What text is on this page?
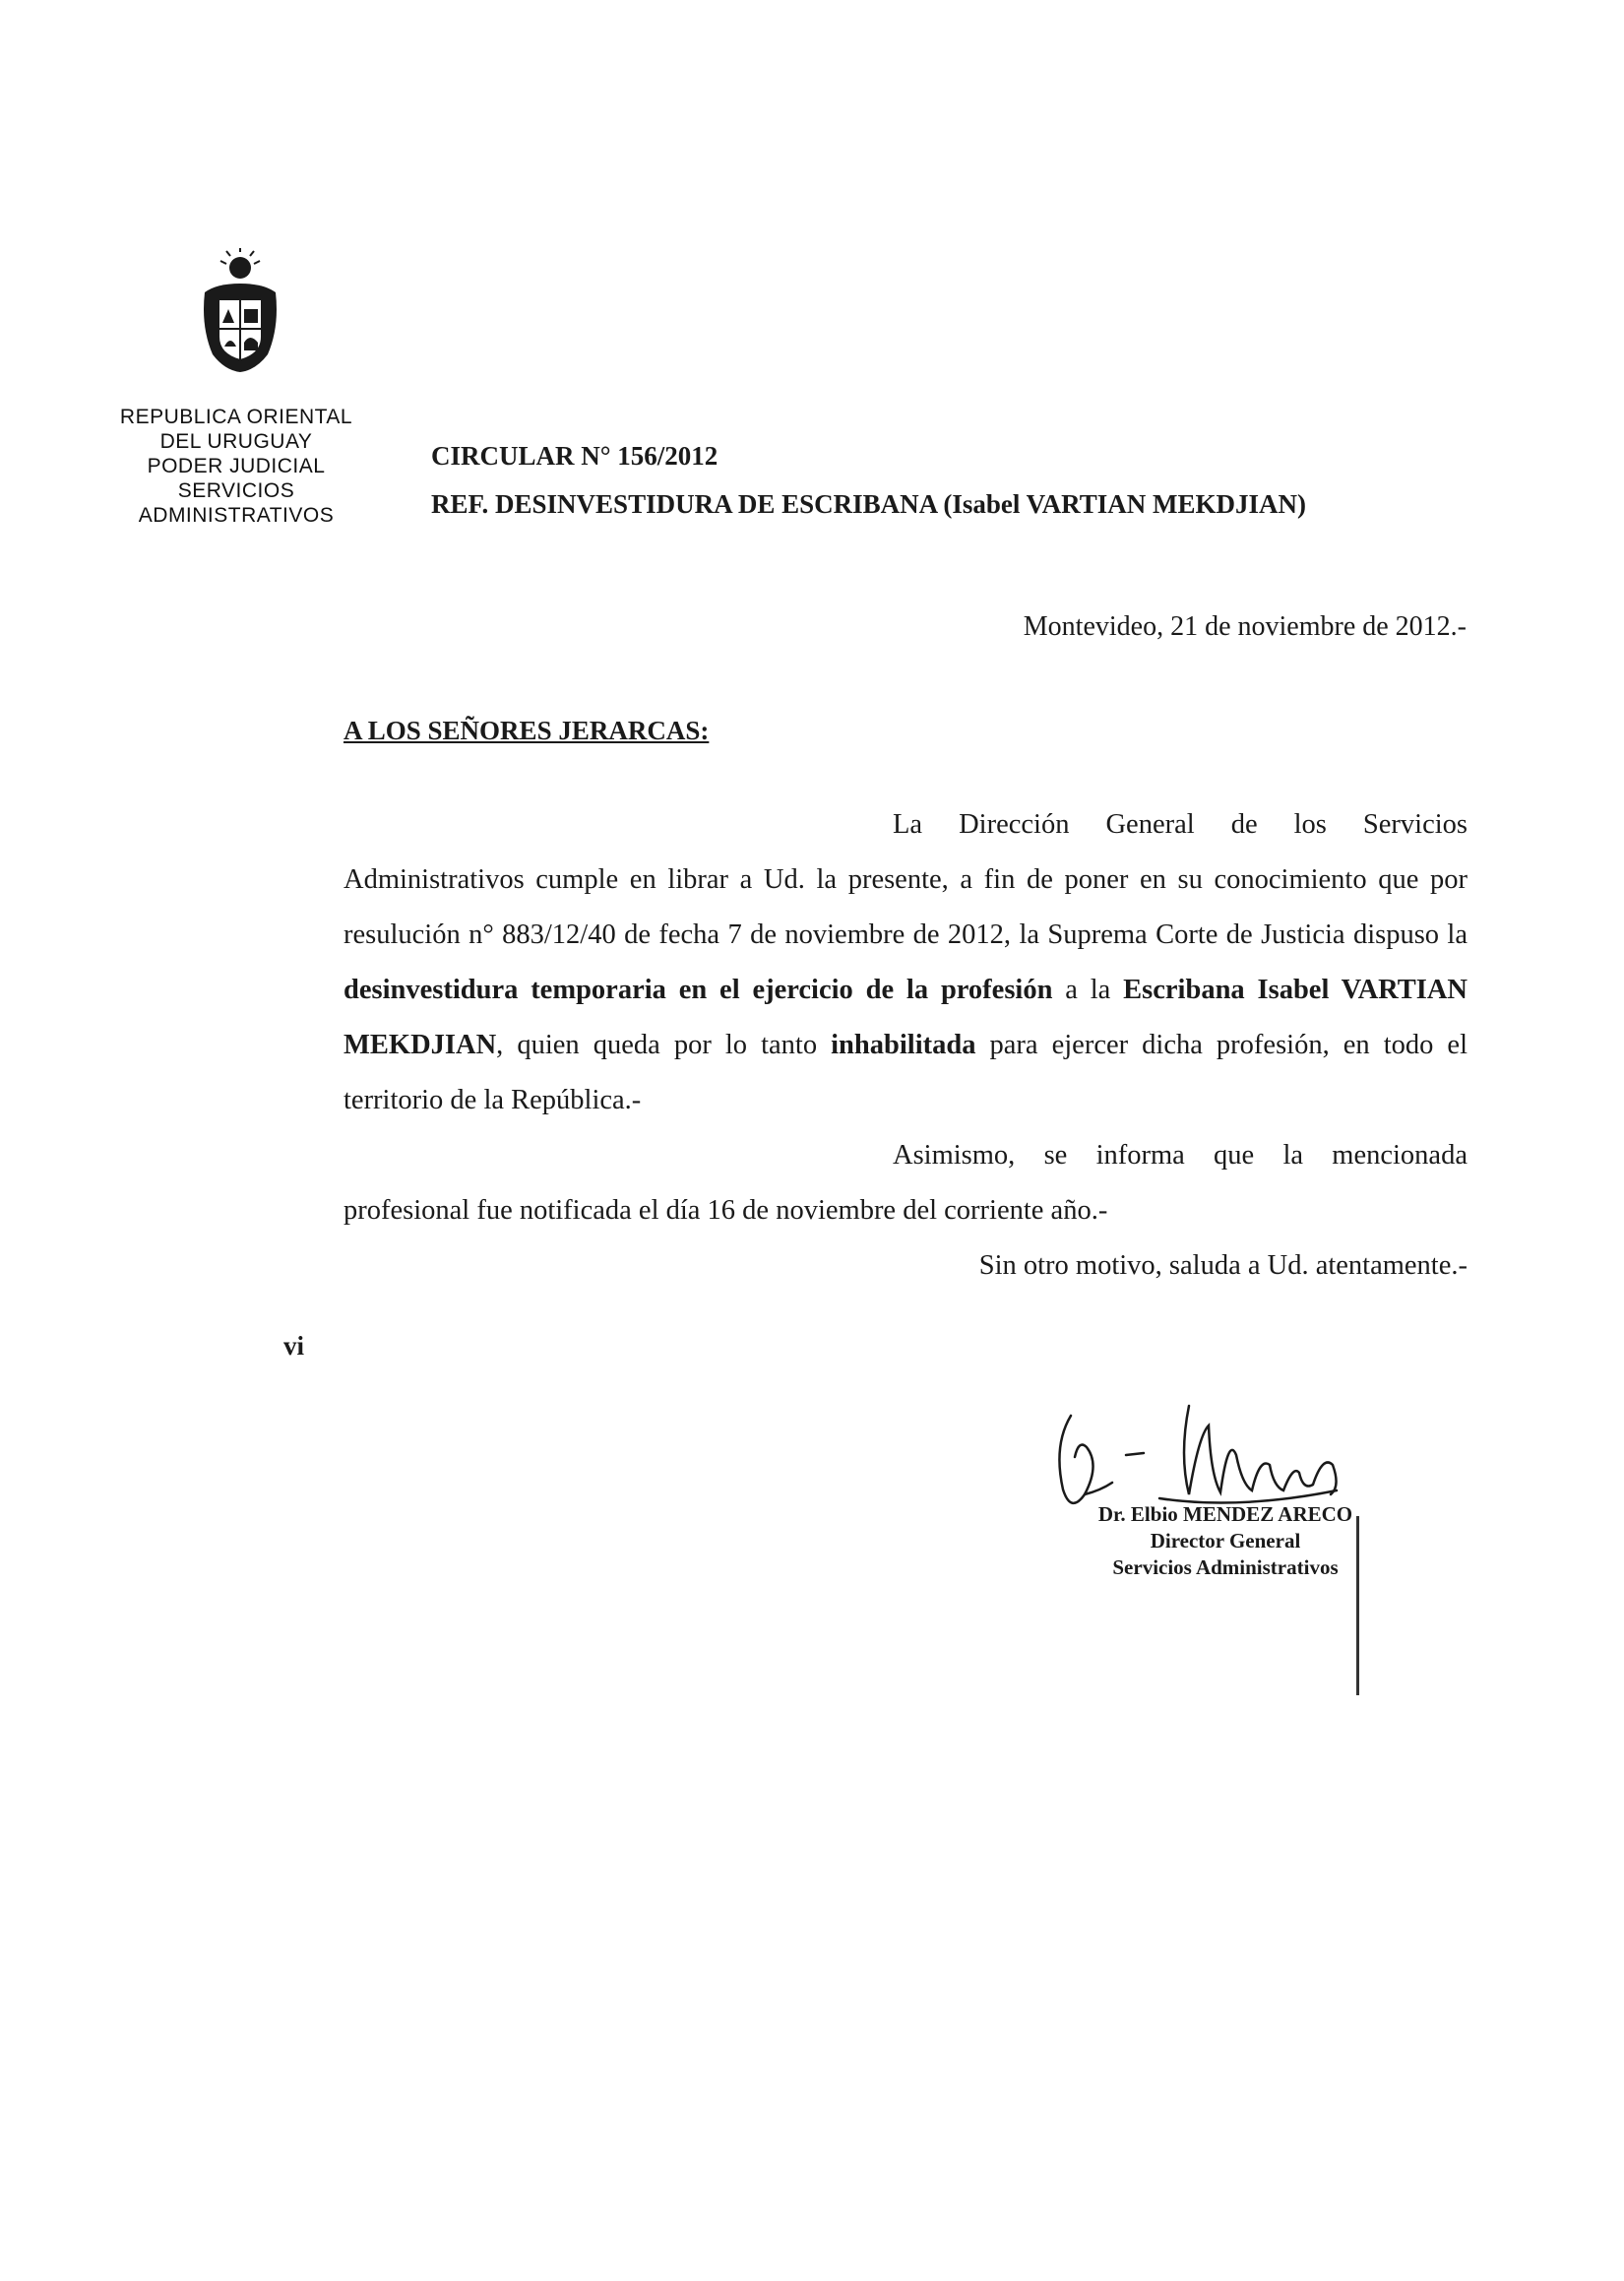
REPUBLICA ORIENTAL
DEL URUGUAY
PODER JUDICIAL
SERVICIOS
ADMINISTRATIVOS
CIRCULAR N° 156/2012
REF. DESINVESTIDURA DE ESCRIBANA (Isabel VARTIAN MEKDJIAN)
Montevideo, 21 de noviembre de 2012.-
A LOS SEÑORES JERARCAS:

La Dirección General de los Servicios Administrativos cumple en librar a Ud. la presente, a fin de poner en su conocimiento que por resulución n° 883/12/40 de fecha 7 de noviembre de 2012, la Suprema Corte de Justicia dispuso la desinvestidura temporaria en el ejercicio de la profesión a la Escribana Isabel VARTIAN MEKDJIAN, quien queda por lo tanto inhabilitada para ejercer dicha profesión, en todo el territorio de la República.-

Asimismo, se informa que la mencionada profesional fue notificada el día 16 de noviembre del corriente año.-

Sin otro motivo, saluda a Ud. atentamente.-

vi
Dr. Elbio MENDEZ ARECO
Director General
Servicios Administrativos
